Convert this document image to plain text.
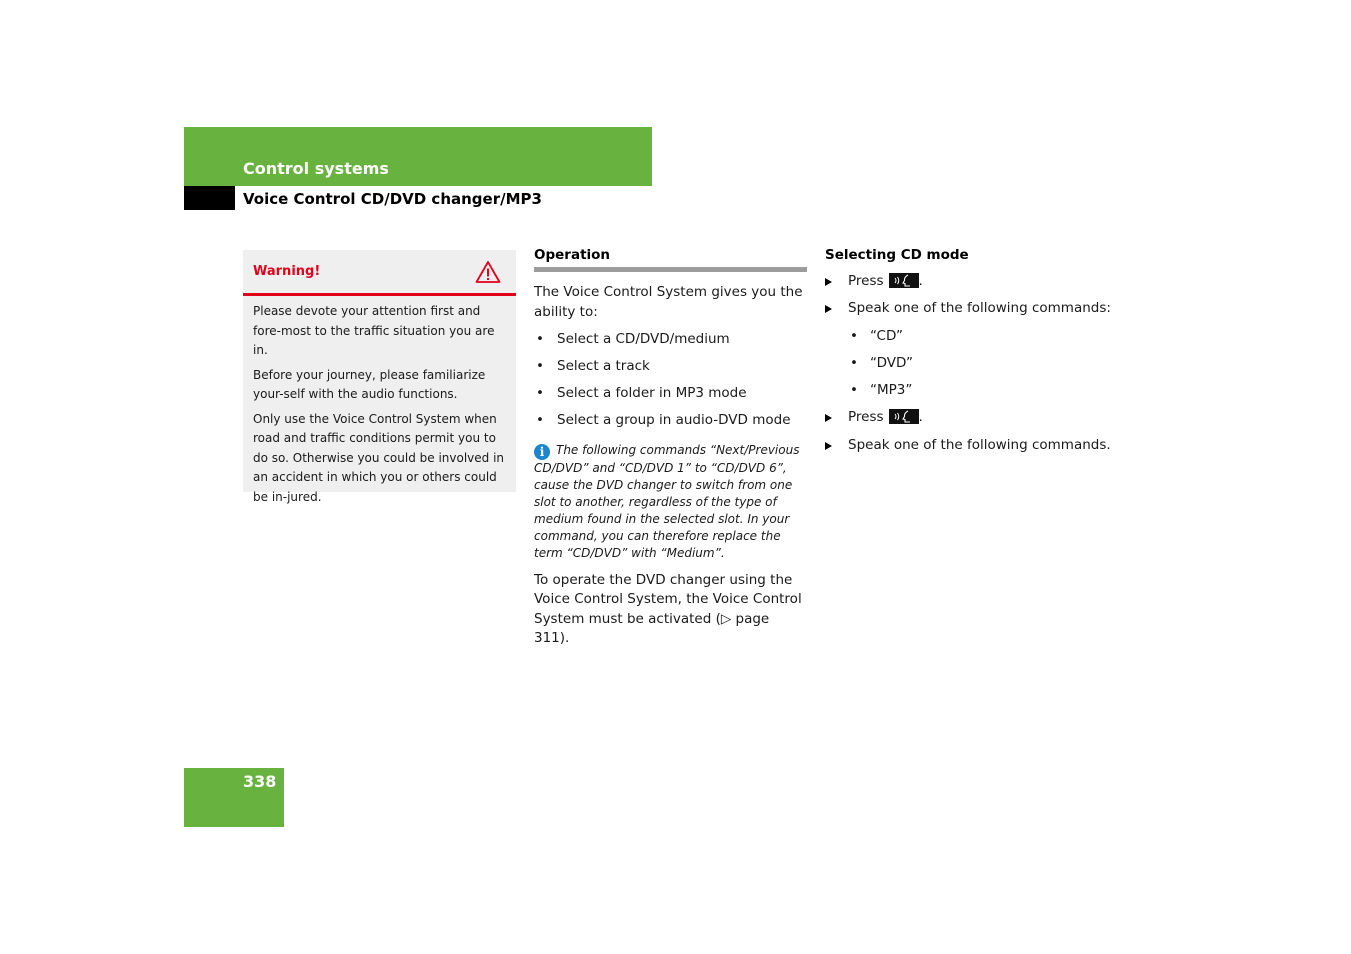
Control systems
Voice Control CD/DVD changer/MP3
Warning!

Please devote your attention first and fore-most to the traffic situation you are in.

Before your journey, please familiarize your-self with the audio functions.

Only use the Voice Control System when road and traffic conditions permit you to do so. Otherwise you could be involved in an accident in which you or others could be in-jured.

Operation

The Voice Control System gives you the ability to:

• Select a CD/DVD/medium
• Select a track
• Select a folder in MP3 mode
• Select a group in audio-DVD mode

i The following commands “Next/Previous CD/DVD” and “CD/DVD 1” to “CD/DVD 6”, cause the DVD changer to switch from one slot to another, regardless of the type of medium found in the selected slot. In your command, you can therefore replace the term “CD/DVD” with “Medium”.

To operate the DVD changer using the Voice Control System, the Voice Control System must be activated (▷ page 311).

Selecting CD mode
Press	.
Speak one of the following commands:
• “CD”
• “DVD”
• “MP3”
Press	.
Speak one of the following commands.
338
